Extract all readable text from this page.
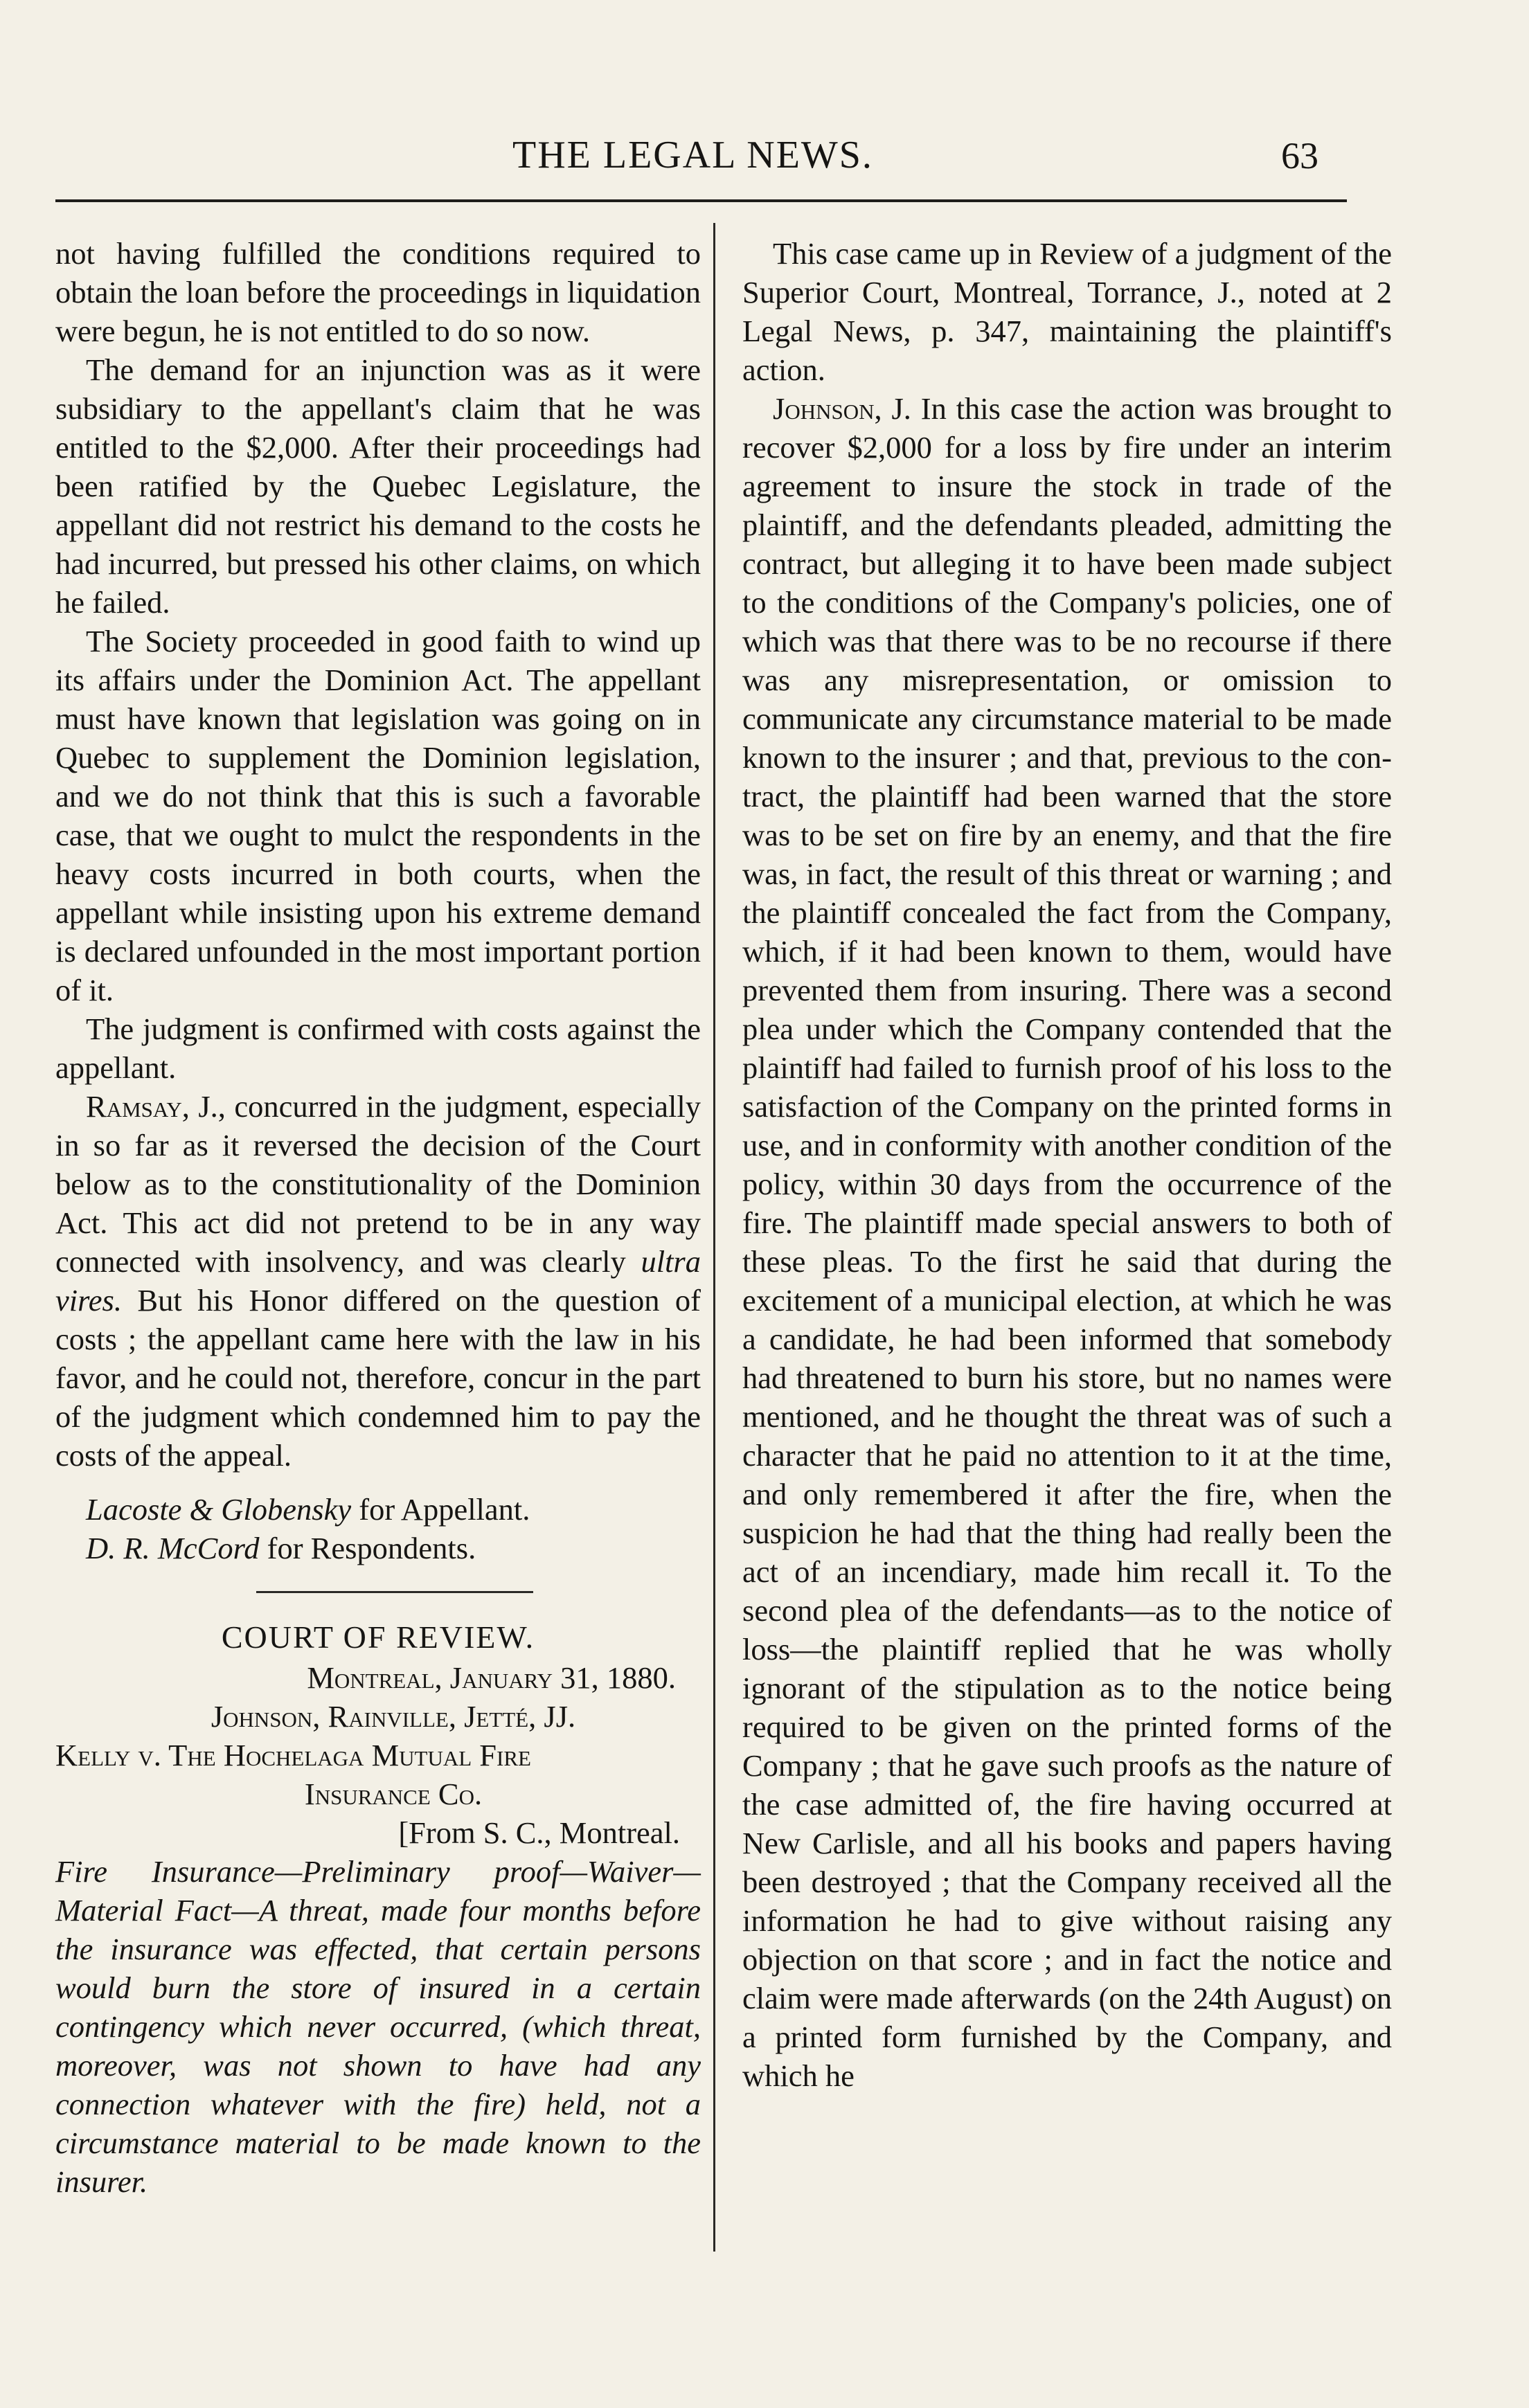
THE LEGAL NEWS.	63

not having fulfilled the conditions required to obtain the loan before the proceedings in liquidation were begun, he is not entitled to do so now.

The demand for an injunction was as it were subsidiary to the appellant's claim that he was entitled to the $2,000. After their proceedings had been ratified by the Quebec Legislature, the appellant did not restrict his demand to the costs he had incurred, but pressed his other claims, on which he failed.

The Society proceeded in good faith to wind up its affairs under the Dominion Act. The appellant must have known that legislation was going on in Quebec to supplement the Dominion legislation, and we do not think that this is such a favorable case, that we ought to mulct the respondents in the heavy costs incurred in both courts, when the appellant while insisting upon his extreme demand is declared unfounded in the most important portion of it.

The judgment is confirmed with costs against the appellant.

Ramsay, J., concurred in the judgment, especially in so far as it reversed the decision of the Court below as to the constitutionality of the Dominion Act. This act did not pretend to be in any way connected with insolvency, and was clearly ultra vires. But his Honor differed on the question of costs ; the appellant came here with the law in his favor, and he could not, therefore, concur in the part of the judgment which condemned him to pay the costs of the appeal.

Lacoste & Globensky for Appellant.

D. R. McCord for Respondents.

COURT OF REVIEW.

Montreal, January 31, 1880.

Johnson, Rainville, Jetté, JJ.

Kelly v. The Hochelaga Mutual Fire

Insurance Co.

[From S. C., Montreal.

Fire Insurance—Preliminary proof—Waiver—Material Fact—A threat, made four months before the insurance was effected, that certain persons would burn the store of insured in a certain contingency which never occurred, (which threat, moreover, was not shown to have had any connection whatever with the fire) held, not a circumstance material to be made known to the insurer.

This case came up in Review of a judgment of the Superior Court, Montreal, Torrance, J., noted at 2 Legal News, p. 347, maintaining the plaintiff's action.

Johnson, J. In this case the action was brought to recover $2,000 for a loss by fire under an interim agreement to insure the stock in trade of the plaintiff, and the defendants pleaded, admitting the contract, but alleging it to have been made subject to the conditions of the Company's policies, one of which was that there was to be no recourse if there was any misrepresentation, or omission to communicate any circumstance material to be made known to the insurer ; and that, previous to the contract, the plaintiff had been warned that the store was to be set on fire by an enemy, and that the fire was, in fact, the result of this threat or warning ; and the plaintiff concealed the fact from the Company, which, if it had been known to them, would have prevented them from insuring. There was a second plea under which the Company contended that the plaintiff had failed to furnish proof of his loss to the satisfaction of the Company on the printed forms in use, and in conformity with another condition of the policy, within 30 days from the occurrence of the fire. The plaintiff made special answers to both of these pleas. To the first he said that during the excitement of a municipal election, at which he was a candidate, he had been informed that somebody had threatened to burn his store, but no names were mentioned, and he thought the threat was of such a character that he paid no attention to it at the time, and only remembered it after the fire, when the suspicion he had that the thing had really been the act of an incendiary, made him recall it. To the second plea of the defendants—as to the notice of loss—the plaintiff replied that he was wholly ignorant of the stipulation as to the notice being required to be given on the printed forms of the Company ; that he gave such proofs as the nature of the case admitted of, the fire having occurred at New Carlisle, and all his books and papers having been destroyed ; that the Company received all the information he had to give without raising any objection on that score ; and in fact the notice and claim were made afterwards (on the 24th August) on a printed form furnished by the Company, and which he
